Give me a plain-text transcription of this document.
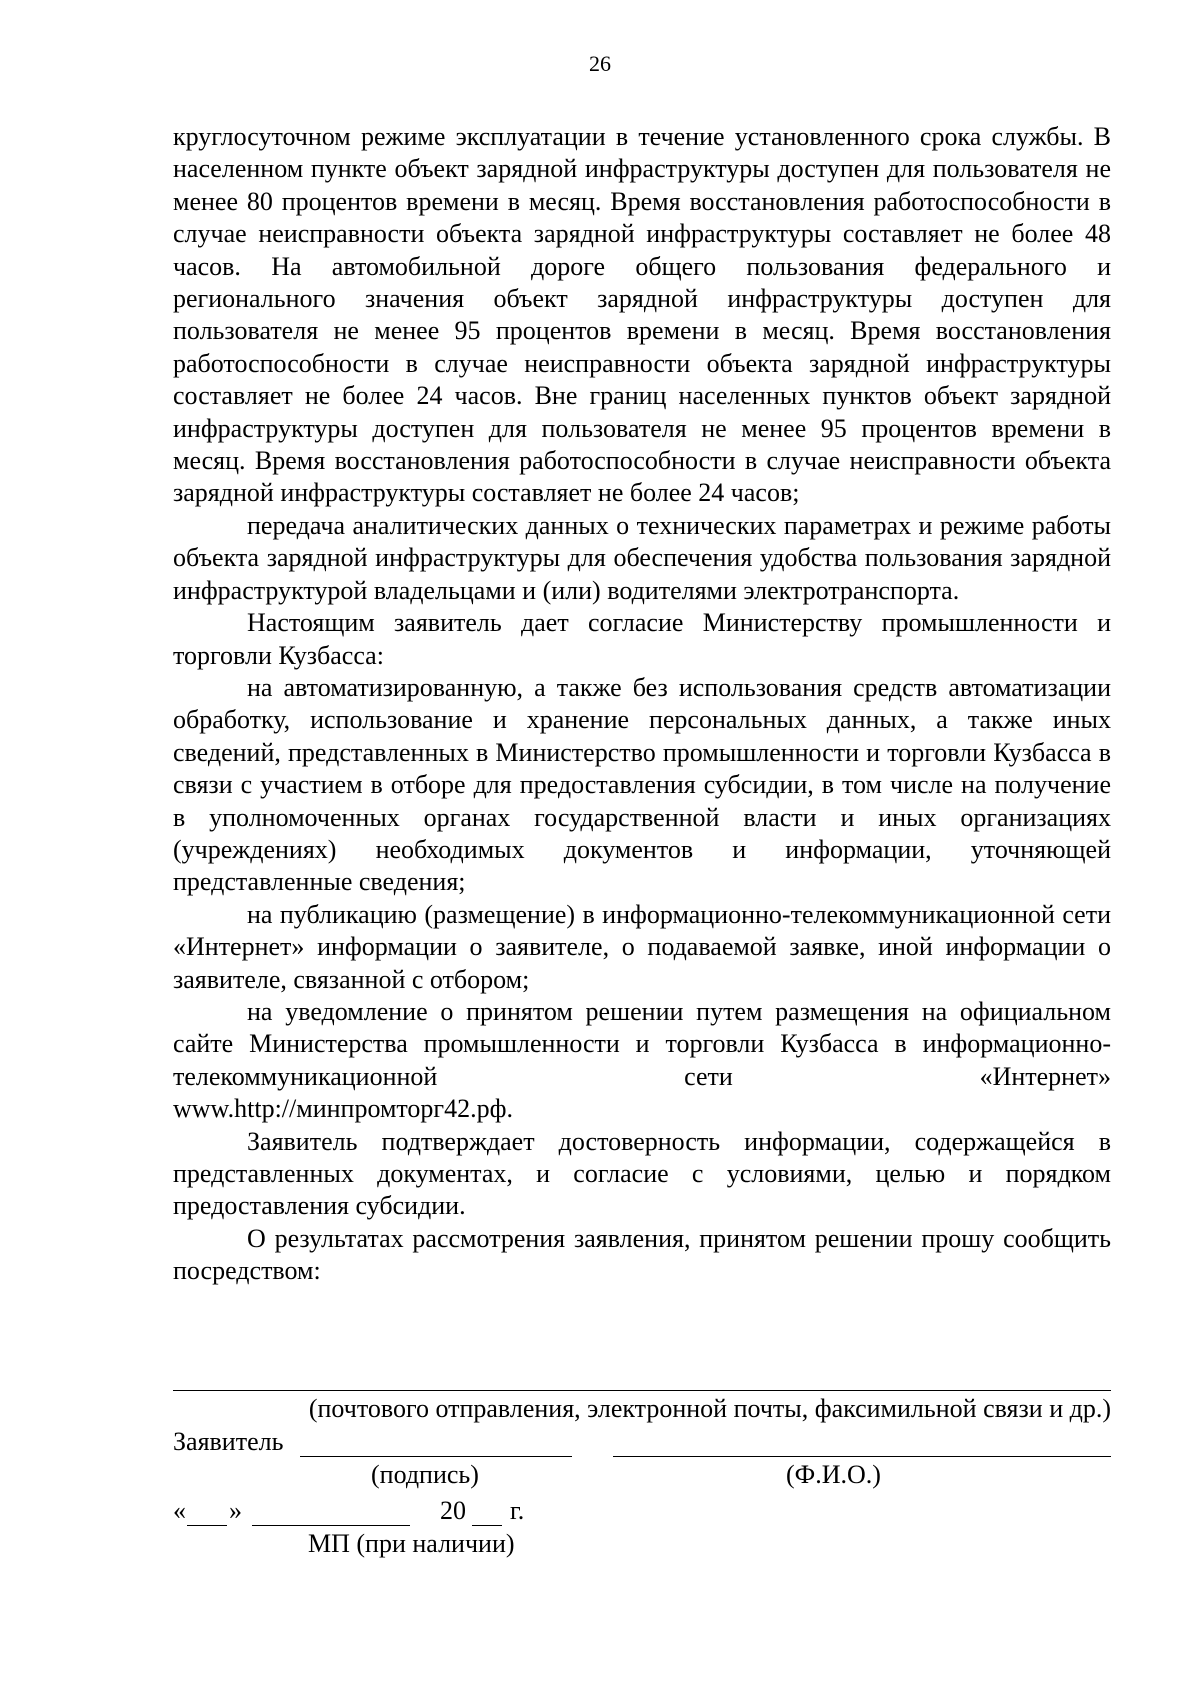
26

круглосуточном режиме эксплуатации в течение установленного срока службы. В населенном пункте объект зарядной инфраструктуры доступен для пользователя не менее 80 процентов времени в месяц. Время восстановления работоспособности в случае неисправности объекта зарядной инфраструктуры составляет не более 48 часов. На автомобильной дороге общего пользования федерального и регионального значения объект зарядной инфраструктуры доступен для пользователя не менее 95 процентов времени в месяц. Время восстановления работоспособности в случае неисправности объекта зарядной инфраструктуры составляет не более 24 часов. Вне границ населенных пунктов объект зарядной инфраструктуры доступен для пользователя не менее 95 процентов времени в месяц. Время восстановления работоспособности в случае неисправности объекта зарядной инфраструктуры составляет не более 24 часов;

передача аналитических данных о технических параметрах и режиме работы объекта зарядной инфраструктуры для обеспечения удобства пользования зарядной инфраструктурой владельцами и (или) водителями электротранспорта.

Настоящим заявитель дает согласие Министерству промышленности и торговли Кузбасса:

на автоматизированную, а также без использования средств автоматизации обработку, использование и хранение персональных данных, а также иных сведений, представленных в Министерство промышленности и торговли Кузбасса в связи с участием в отборе для предоставления субсидии, в том числе на получение в уполномоченных органах государственной власти и иных организациях (учреждениях) необходимых документов и информации, уточняющей представленные сведения;

на публикацию (размещение) в информационно-телекоммуникационной сети «Интернет» информации о заявителе, о подаваемой заявке, иной информации о заявителе, связанной с отбором;

на уведомление о принятом решении путем размещения на официальном сайте Министерства промышленности и торговли Кузбасса в информационно-телекоммуникационной сети «Интернет»

www.http://минпромторг42.рф.

Заявитель подтверждает достоверность информации, содержащейся в представленных документах, и согласие с условиями, целью и порядком предоставления субсидии.

О результатах рассмотрения заявления, принятом решении прошу сообщить посредством:

(почтового отправления, электронной почты, факсимильной связи и др.)
Заявитель
(подпись)	(Ф.И.О.)
« »	20 г.
МП (при наличии)
